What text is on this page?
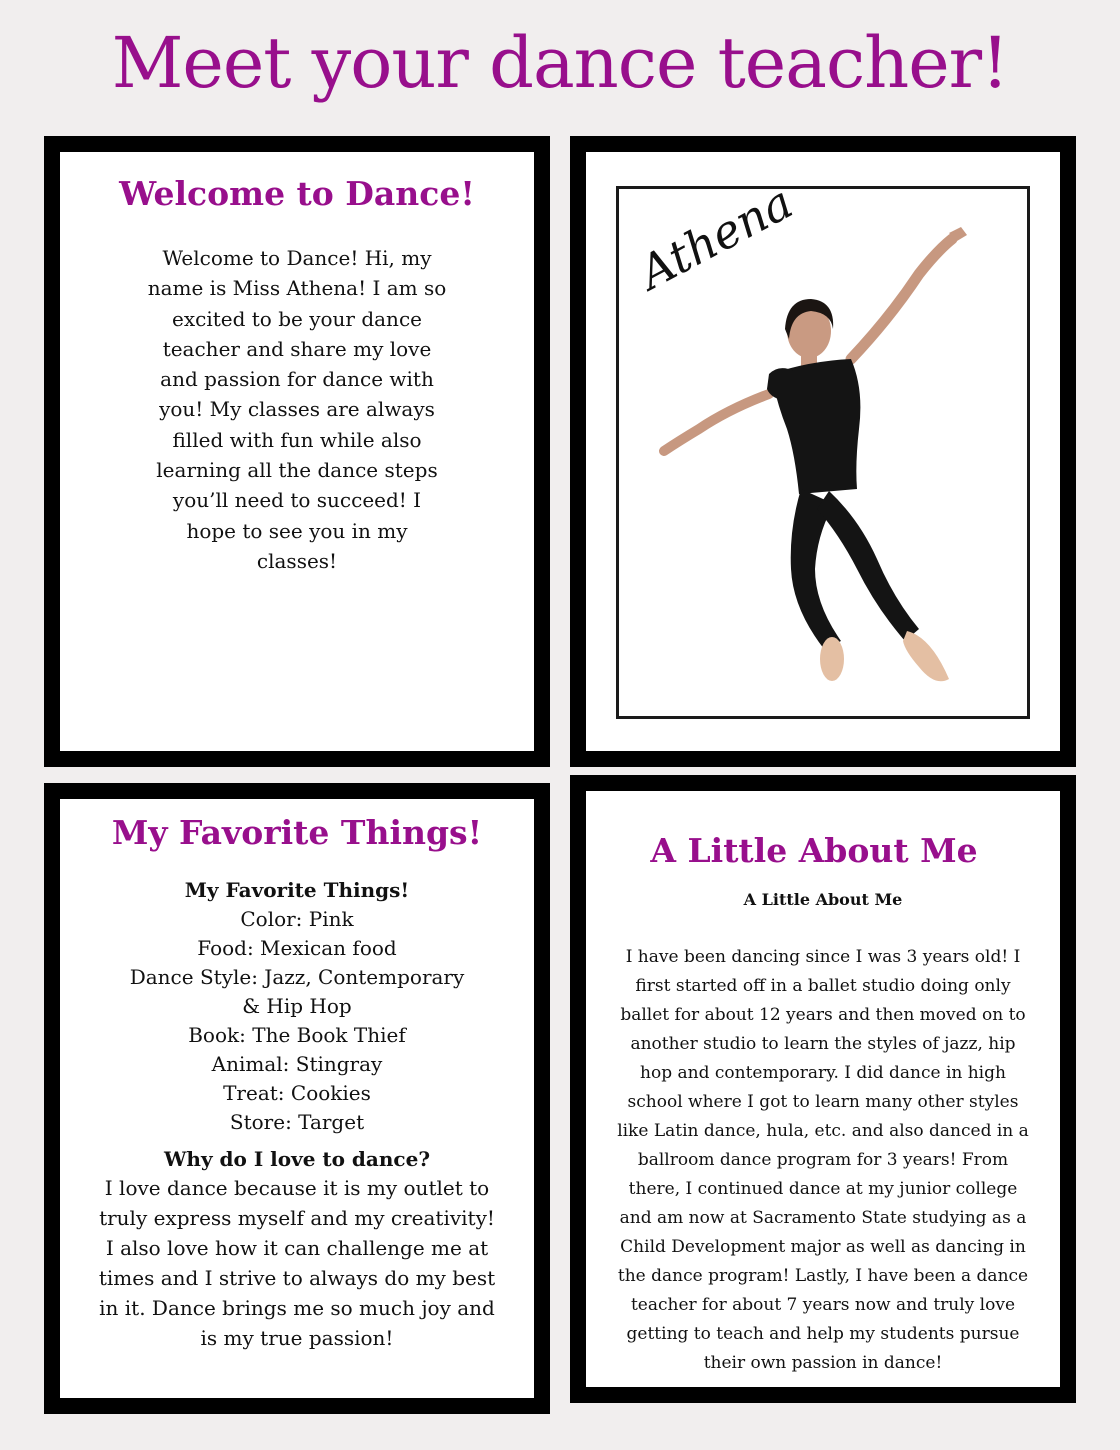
Meet your dance teacher!
Welcome to Dance!
Welcome to Dance! Hi, my name is Miss Athena! I am so excited to be your dance teacher and share my love and passion for dance with you! My classes are always filled with fun while also learning all the dance steps you’ll need to succeed! I hope to see you in my classes!
Athena
My Favorite Things!
My Favorite Things!
Color: Pink
Food: Mexican food
Dance Style: Jazz, Contemporary & Hip Hop
Book: The Book Thief
Animal: Stingray
Treat: Cookies
Store: Target
Why do I love to dance?
I love dance because it is my outlet to truly express myself and my creativity! I also love how it can challenge me at times and I strive to always do my best in it. Dance brings me so much joy and is my true passion!
A Little About Me
A Little About Me
I have been dancing since I was 3 years old! I first started off in a ballet studio doing only ballet for about 12 years and then moved on to another studio to learn the styles of jazz, hip hop and contemporary. I did dance in high school where I got to learn many other styles like Latin dance, hula, etc. and also danced in a ballroom dance program for 3 years! From there, I continued dance at my junior college and am now at Sacramento State studying as a Child Development major as well as dancing in the dance program! Lastly, I have been a dance teacher for about 7 years now and truly love getting to teach and help my students pursue their own passion in dance!
